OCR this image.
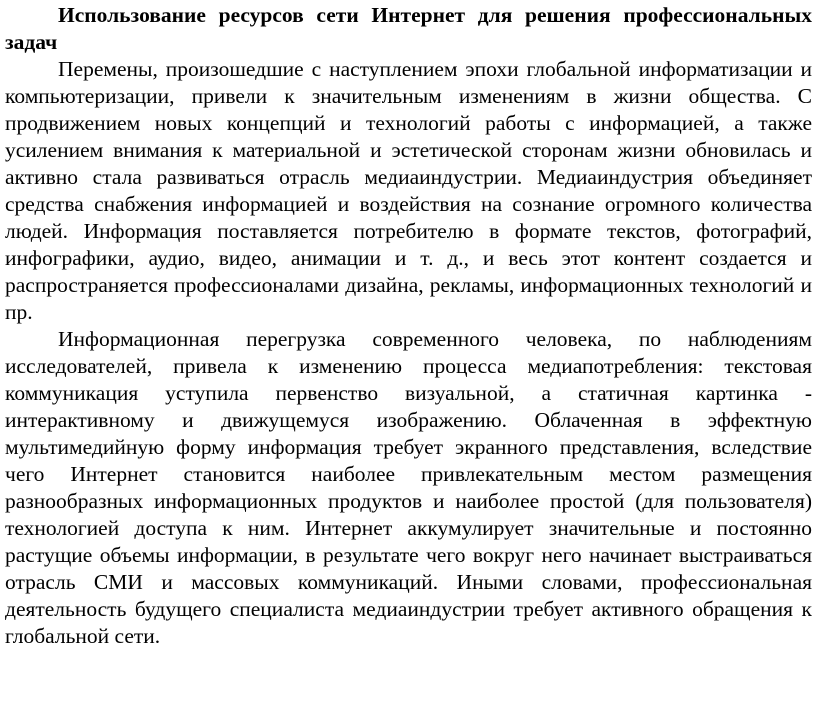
Использование ресурсов сети Интернет для решения профессиональных задач

Перемены, произошедшие с наступлением эпохи глобальной информатизации и компьютеризации, привели к значительным изменениям в жизни общества. С продвижением новых концепций и технологий работы с информацией, а также усилением внимания к материальной и эстетической сторонам жизни обновилась и активно стала развиваться отрасль медиаиндустрии. Медиаиндустрия объединяет средства снабжения информацией и воздействия на сознание огромного количества людей. Информация поставляется потребителю в формате текстов, фотографий, инфографики, аудио, видео, анимации и т. д., и весь этот контент создается и распространяется профессионалами дизайна, рекламы, информационных технологий и пр.

Информационная перегрузка современного человека, по наблюдениям исследователей, привела к изменению процесса медиапотребления: текстовая коммуникация уступила первенство визуальной, а статичная картинка - интерактивному и движущемуся изображению. Облаченная в эффектную мультимедийную форму информация требует экранного представления, вследствие чего Интернет становится наиболее привлекательным местом размещения разнообразных информационных продуктов и наиболее простой (для пользователя) технологией доступа к ним. Интернет аккумулирует значительные и постоянно растущие объемы информации, в результате чего вокруг него начинает выстраиваться отрасль СМИ и массовых коммуникаций. Иными словами, профессиональная деятельность будущего специалиста медиаиндустрии требует активного обращения к глобальной сети.
